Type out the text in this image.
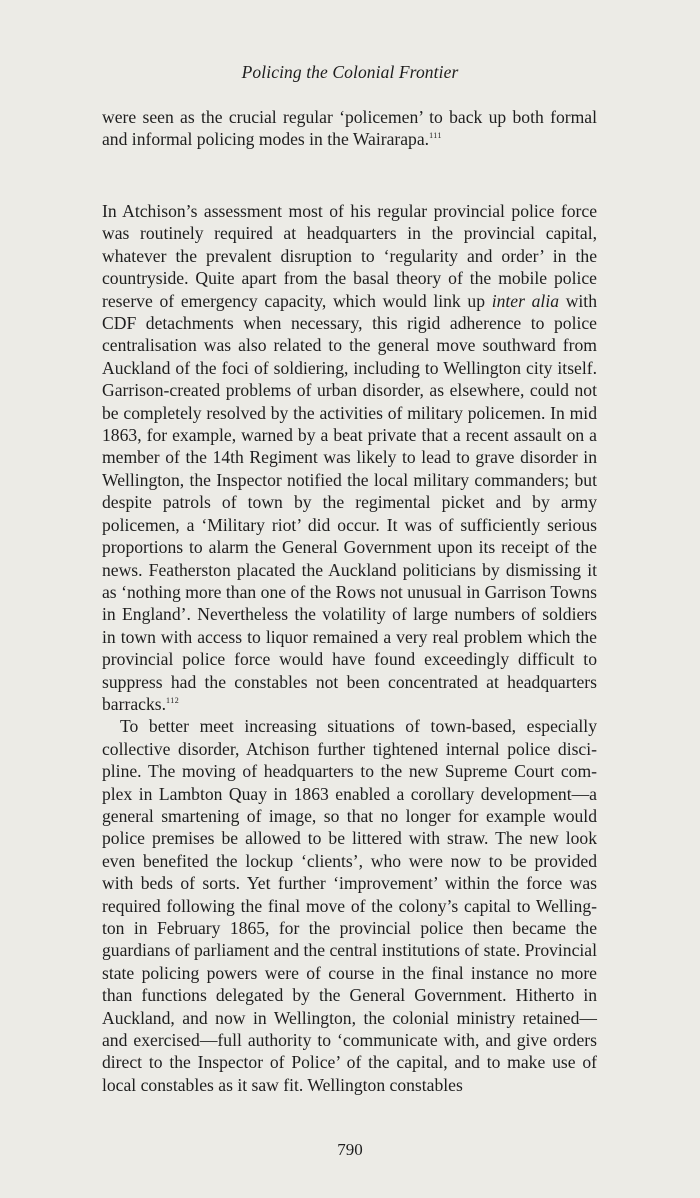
Policing the Colonial Frontier

were seen as the crucial regular ‘policemen’ to back up both formal and informal policing modes in the Wairarapa.$^{111}$

In Atchison’s assessment most of his regular provincial police force was routinely required at headquarters in the provincial capital, whatever the prevalent disruption to ‘regularity and order’ in the countryside. Quite apart from the basal theory of the mobile police reserve of emergency capacity, which would link up inter alia with CDF detachments when necessary, this rigid adherence to police centralisation was also related to the general move southward from Auckland of the foci of soldiering, including to Wellington city itself. Garrison-created problems of urban disorder, as elsewhere, could not be completely resolved by the activities of military policemen. In mid 1863, for example, warned by a beat private that a recent assault on a member of the 14th Regiment was likely to lead to grave disorder in Wellington, the Inspector notified the local military commanders; but despite patrols of town by the regimental picket and by army policemen, a ‘Military riot’ did occur. It was of sufficiently serious proportions to alarm the General Government upon its receipt of the news. Featherston placated the Auckland politicians by dismissing it as ‘nothing more than one of the Rows not unusual in Garrison Towns in England’. Nevertheless the volatility of large numbers of soldiers in town with access to liquor remained a very real problem which the provincial police force would have found exceedingly difficult to suppress had the constables not been concentrated at headquarters barracks.$^{112}$

To better meet increasing situations of town-based, especially collective disorder, Atchison further tightened internal police discipline. The moving of headquarters to the new Supreme Court complex in Lambton Quay in 1863 enabled a corollary development—a general smartening of image, so that no longer for example would police premises be allowed to be littered with straw. The new look even benefited the lockup ‘clients’, who were now to be provided with beds of sorts. Yet further ‘improvement’ within the force was required following the final move of the colony’s capital to Wellington in February 1865, for the provincial police then became the guardians of parliament and the central institutions of state. Provincial state policing powers were of course in the final instance no more than functions delegated by the General Government. Hitherto in Auckland, and now in Wellington, the colonial ministry retained—and exercised—full authority to ‘communicate with, and give orders direct to the Inspector of Police’ of the capital, and to make use of local constables as it saw fit. Wellington constables

790
